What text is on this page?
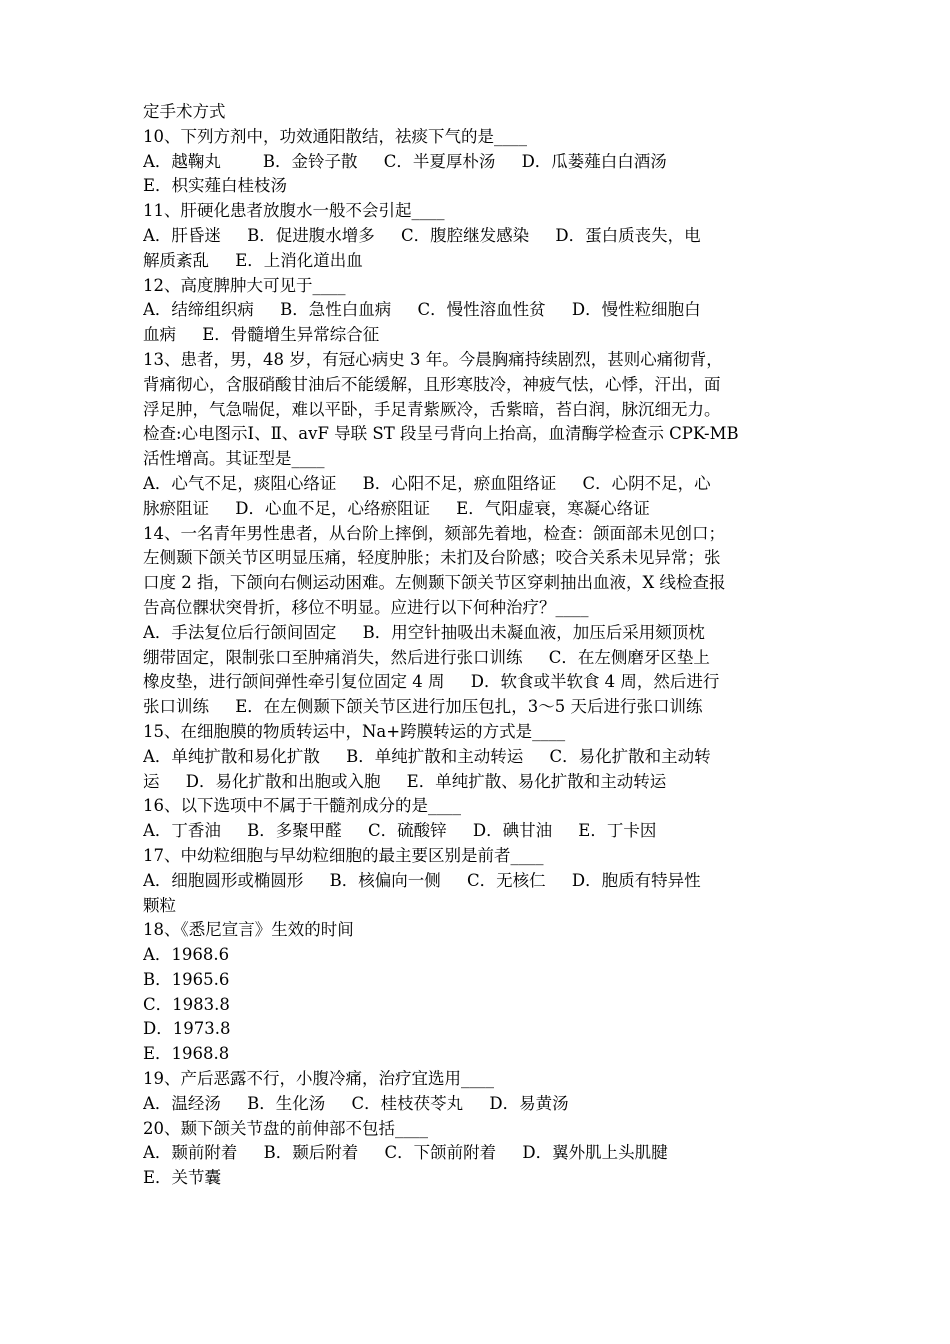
定手术方式
10、下列方剂中，功效通阳散结，祛痰下气的是____
A．越鞠丸        B．金铃子散     C．半夏厚朴汤     D．瓜蒌薤白白酒汤
E．枳实薤白桂枝汤
11、肝硬化患者放腹水一般不会引起____
A．肝昏迷     B．促进腹水增多     C．腹腔继发感染     D．蛋白质丧失，电
解质紊乱     E．上消化道出血
12、高度脾肿大可见于____
A．结缔组织病     B．急性白血病     C．慢性溶血性贫     D．慢性粒细胞白
血病     E．骨髓增生异常综合征
13、患者，男，48 岁，有冠心病史 3 年。今晨胸痛持续剧烈，甚则心痛彻背，
背痛彻心，含服硝酸甘油后不能缓解，且形寒肢冷，神疲气怯，心悸，汗出，面
浮足肿，气急喘促，难以平卧，手足青紫厥冷，舌紫暗，苔白润，脉沉细无力。
检查:心电图示Ⅰ、Ⅱ、avF 导联 ST 段呈弓背向上抬高，血清酶学检查示 CPK-MB
活性增高。其证型是____
A．心气不足，痰阻心络证     B．心阳不足，瘀血阻络证     C．心阴不足，心
脉瘀阻证     D．心血不足，心络瘀阻证     E．气阳虚衰，寒凝心络证
14、一名青年男性患者，从台阶上摔倒，颏部先着地，检查：颌面部未见创口；
左侧颞下颌关节区明显压痛，轻度肿胀；未扪及台阶感；咬合关系未见异常；张
口度 2 指，下颌向右侧运动困难。左侧颞下颌关节区穿刺抽出血液，X 线检查报
告高位髁状突骨折，移位不明显。应进行以下何种治疗？____
A．手法复位后行颌间固定     B．用空针抽吸出未凝血液，加压后采用颏顶枕
绷带固定，限制张口至肿痛消失，然后进行张口训练     C．在左侧磨牙区垫上
橡皮垫，进行颌间弹性牵引复位固定 4 周     D．软食或半软食 4 周，然后进行
张口训练     E．在左侧颞下颌关节区进行加压包扎，3～5 天后进行张口训练
15、在细胞膜的物质转运中，Na+跨膜转运的方式是____
A．单纯扩散和易化扩散     B．单纯扩散和主动转运     C．易化扩散和主动转
运     D．易化扩散和出胞或入胞     E．单纯扩散、易化扩散和主动转运
16、以下选项中不属于干髓剂成分的是____
A．丁香油     B．多聚甲醛     C．硫酸锌     D．碘甘油     E．丁卡因
17、中幼粒细胞与早幼粒细胞的最主要区别是前者____
A．细胞圆形或椭圆形     B．核偏向一侧     C．无核仁     D．胞质有特异性
颗粒
18、《悉尼宣言》生效的时间
A．1968.6
B．1965.6
C．1983.8
D．1973.8
E．1968.8
19、产后恶露不行，小腹冷痛，治疗宜选用____
A．温经汤     B．生化汤     C．桂枝茯苓丸     D．易黄汤
20、颞下颌关节盘的前伸部不包括____
A．颞前附着     B．颞后附着     C．下颌前附着     D．翼外肌上头肌腱
E．关节囊
